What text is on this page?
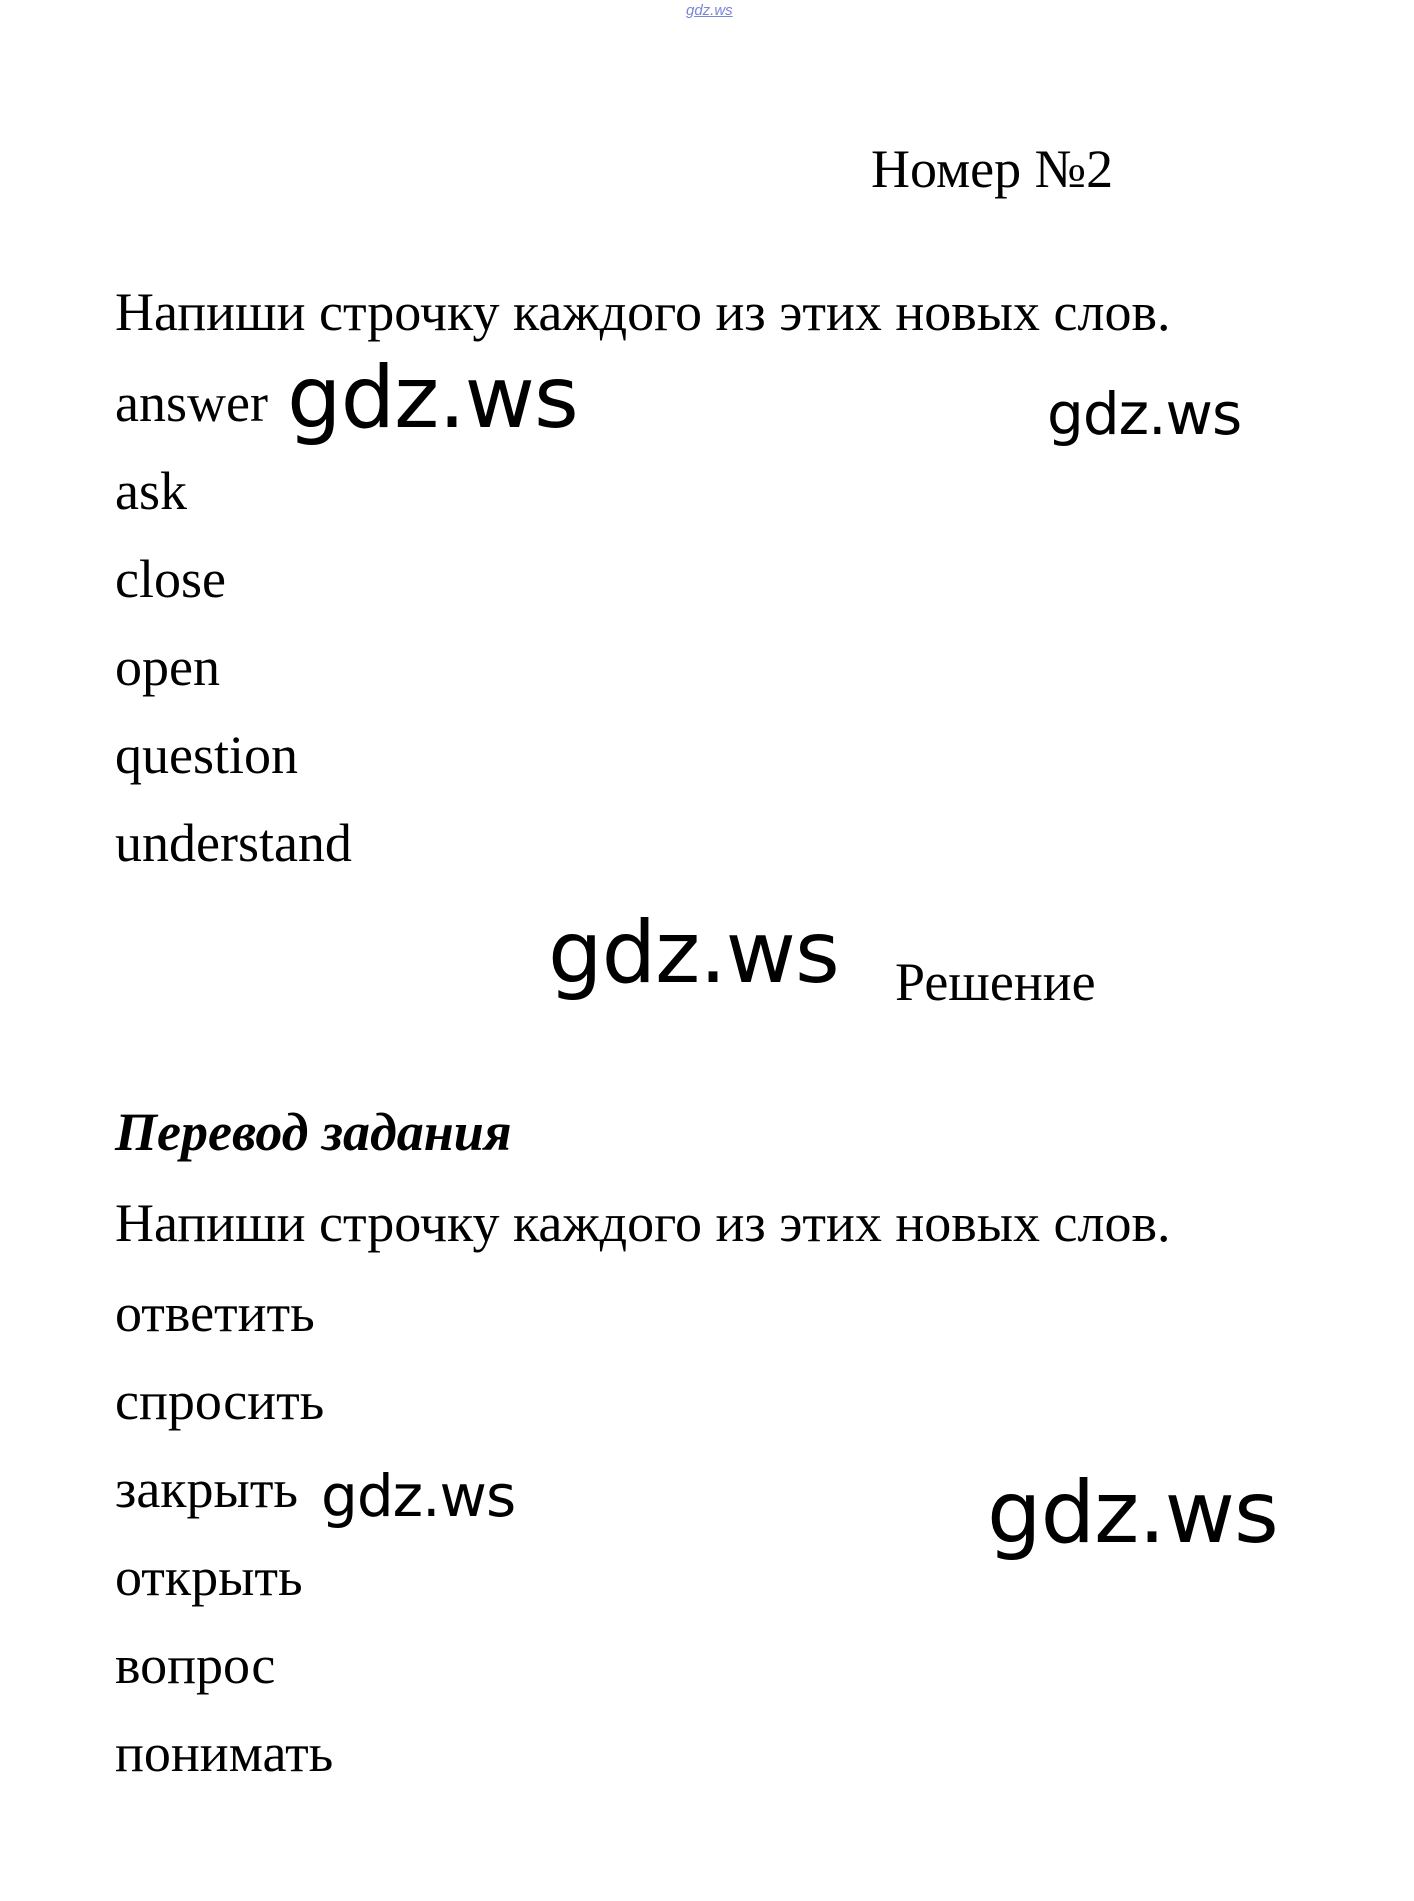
gdz.ws
Номер №2
Напиши строчку каждого из этих новых слов.
answer
ask
close
open
question
understand
Решение
Перевод задания
Напиши строчку каждого из этих новых слов.
ответить
спросить
закрыть
открыть
вопрос
понимать
gdz.ws	gdz.ws
gdz.ws
gdz.ws	gdz.ws
